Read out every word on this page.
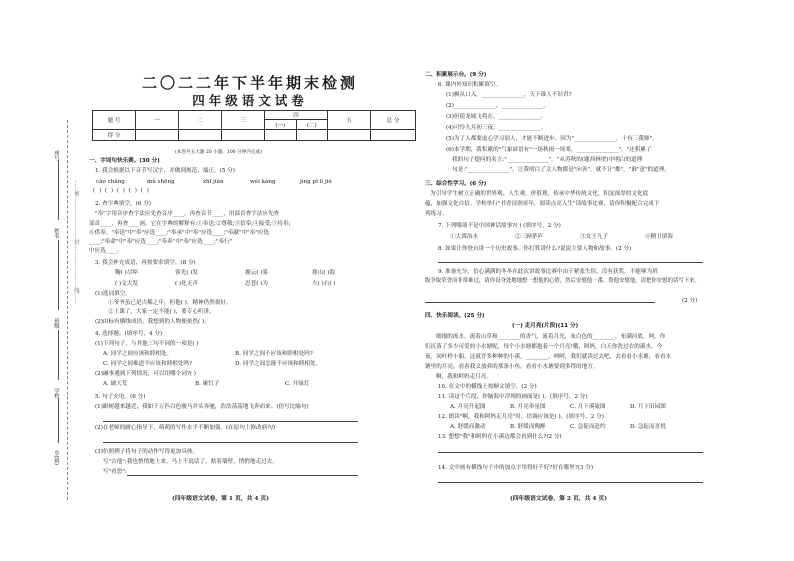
……密……………………封……………………线……
座号
姓名
班级
学校
乡(镇)
二〇二二年下半年期末检测
四年级语文试卷
题 号	一	二	三	四		五	总 分
				(一)	(二)		
得 分							
(本卷共五大题 20 小题，100 分钟内完成)
一、字词句快乐赛。(30 分)
1. 我会根据以下音节写汉字，并做到规范、端正。(5 分)
cāo chǎng	mǔ shēng	zhī jiān	wéi kàng	jìng pī lì jié
( ) ( ) ( ) ( ) ( )
2. 查字典填空。(6 分)
"奉"字用音序查字法应先查音序____，再查音节____，用部首查字法应先查
部首____，再查____画。它在字典的解释有:①奉送;②尊敬;③信奉;④接受;⑤侍奉;
⑥供奉。"奉送"中"奉"应选____;"奉承"中"奉"应选____;"奉献"中"奉"应选
____;"奉命"中"奉"应选____;"奉养"中"奉"应选____;"奉行"
中应选____。
3. 我会补充成语，再按要求填空。(8 分)
鞠( )尽瘁	蓉光( )发	拥云( )雾	排山( )海
( )文大发	( )化无声	忍苍( )为	左( )右( )
(1)选词填空。
①爷爷虽已是古稀之年，但他( )，精神仍然很好。
②上课了，大家一定不能( )，要专心听讲。
(2)由标有横线成语，我想到的人物便依然( )。
4. 选择题。(填序号，4 分)
(1)下列句子，与其他三句不同的一项是( )
A. 同学之间应该和睦相处。	B. 同学之间不应该和睦相处吗?
C. 同学之间难道不应该和睦相处吗?	D. 同学之间怎能不应该和睦相处。
(2)融事遇到下列情况，可以用哪个词?( )
A. 破天荒	B. 碰钉子	C. 开绿灯
5. 句子充电。(6 分)
(1)跟树越来越近，我如千万匹白色骏马并头奔驰，浩浩荡荡地飞奔而来。(仿写比喻句)
(2)在老师的耐心指导下，萌萌的写作水平不断加强。(在原句上修改病句)
(3)仿照例子将句子的动作写得更加具体。
写"吉他":我也悄悄地上来，马上不说话了，贴着墙壁，悄悄地走过去。
写"看恐":
(四年级语文试卷，第 1 页，共 4 页)
二、积累展示台。(9 分)
6. 课内外知识积累填空。
(1)枫从口入，_______________，天下谁人不识君?
(2)_______________，_______________。
(3)但使龙城飞将在，_______________。
(4)可怜九月初三夜，_______________。
(5)为了人都要虚心学习别人，才能不断进步。因为"_______________，十有三我师"。
(6)本学期，我积累的"气象谚语有"一场秋雨一场寒，_______________"。"还积累了
我的句子提问的名言:"_______________"。"从苏秋的(题西林壁)中明白的道理
句是:"_______________"，让我明白了文人物都是"向善"，就不计"都"，"谁"意"的道理。
三、综合性学习。(6 分)
为引导学生树立正确的世界观、人生观、价值观，传承中华传统文化，积淀深厚的文化底
蕴，加强文化自信。学校举行"书香浸润童年，阅读点亮人生"读故事比赛，请你积极配合完成下
列练习。
7. 下列哪项不是中国神话故事?( ) (填序号，2 分)
①大禹治水	②三顾茅庐	③女王九子	④精卫填海
8. 如果让你登台讲一个历史故事，你打算讲什么?说说主要人物和故事。(2 分)
9. 准备充分，信心满满的冬冬在此次讲故事比赛中由于紧张失误，没有获奖，不能够为班
级争取荣誉而非常难过，请你设身处地地想一想他的心情，然后安慰他一番，帮他安慰他，请把你安慰的话写下来。
(2 分)
四、快乐阅读。(25 分)
(一) 走月亮(片段)(11 分)
细细的流水，流着山草和________的香气，流着月光，灰白色的________，布满河底，呵，你
们沉落了多少可爱的小水塘呢，每个小水塘都抱着一个月亮!哦，阿妈，白天你洗过衣的溪水，今
夜，同叶样小船，这就许多种种的小溪，________，呵呵，我们就读过去吧，去看看小水塘，看看水
塘里的月亮，看看我又放养的那条小鱼，看看小水塘要到多得的地方。
啊，我和阿妈走月亮。
10. 在文中的横线上按顺文填空。(2 分)
11. 读这个片段，你脑海中浮现的画面是( )。(填序号，2 分)
A. 月亮升起图	B. 月亮牵星图	C. 月下溪流图	D. 月下田园图
12. 朗读"啊，我和阿妈走月亮"时，语调应该是( )。(填序号，2 分)
A. 舒缓而激动	B. 舒缓而陶醉	C. 急促而赴约	D. 急促而喜悦
13. 想想"我"和阿妈在小溪边都会看到什么?(2 分)
14. 文中画有横线句子中的加点字用得好不好?好在哪里?(3 分)
(四年级语文试卷，第 2 页，共 4 页)
